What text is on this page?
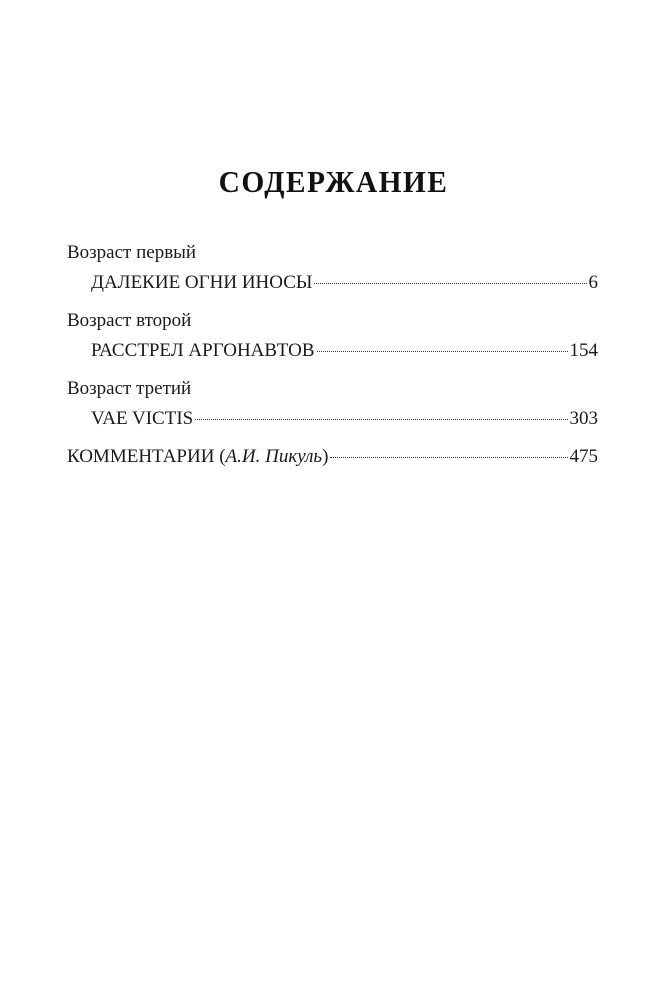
СОДЕРЖАНИЕ
Возраст первый
ДАЛЕКИЕ ОГНИ ИНОСЫ	6
Возраст второй
РАССТРЕЛ АРГОНАВТОВ	154
Возраст третий
VAE VICTIS	303
КОММЕНТАРИИ (А.И. Пикуль)	475
